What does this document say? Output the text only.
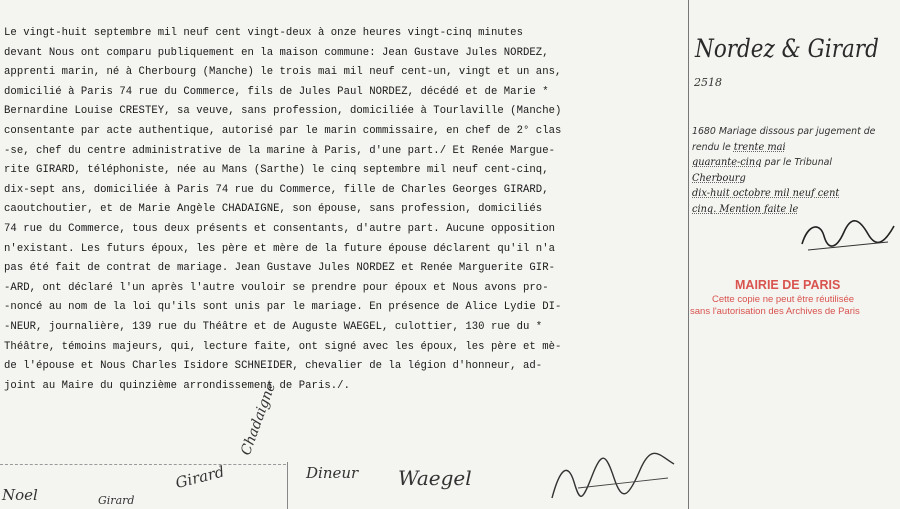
Le vingt-huit septembre mil neuf cent vingt-deux à onze heures vingt-cinq minutes
devant Nous ont comparu publiquement en la maison commune: Jean Gustave Jules NORDEZ,
apprenti marin, né à Cherbourg (Manche) le trois mai mil neuf cent-un, vingt et un ans,
domicilié à Paris 74 rue du Commerce, fils de Jules Paul NORDEZ, décédé et de Marie *
Bernardine Louise CRESTEY, sa veuve, sans profession, domiciliée à Tourlaville (Manche)
consentante par acte authentique, autorisé par le marin commissaire, en chef de 2° clas
-se, chef du centre administrative de la marine à Paris, d'une part./ Et Renée Margue-
rite GIRARD, téléphoniste, née au Mans (Sarthe) le cinq septembre mil neuf cent-cinq,
dix-sept ans, domiciliée à Paris 74 rue du Commerce, fille de Charles Georges GIRARD,
caoutchoutier, et de Marie Angèle CHADAIGNE, son épouse, sans profession, domiciliés
74 rue du Commerce, tous deux présents et consentants, d'autre part. Aucune opposition
n'existant. Les futurs époux, les père et mère de la future épouse déclarent qu'il n'a
pas été fait de contrat de mariage. Jean Gustave Jules NORDEZ et Renée Marguerite GIR-
-ARD, ont déclaré l'un après l'autre vouloir se prendre pour époux et Nous avons pro-
-noncé au nom de la loi qu'ils sont unis par le mariage. En présence de Alice Lydie DI-
-NEUR, journalière, 139 rue du Théâtre et de Auguste WAEGEL, culottier, 130 rue du *
Théâtre, témoins majeurs, qui, lecture faite, ont signé avec les époux, les père et mè-
de l'épouse et Nous Charles Isidore SCHNEIDER, chevalier de la légion d'honneur, ad-
joint au Maire du quinzième arrondissement de Paris./.
Nordez & Girard
2518
1680 Mariage dissous par jugement de
rendu le trente mai
quarante-cinq par le Tribunal
Cherbourg
dix-huit octobre mil neuf cent
cinq. Mention faite le
MAIRIE DE PARIS
Cette copie ne peut être réutilisée
sans l'autorisation des Archives de Paris
Noel	Girard
Girard
Chadaigne
Dineur Waegel
